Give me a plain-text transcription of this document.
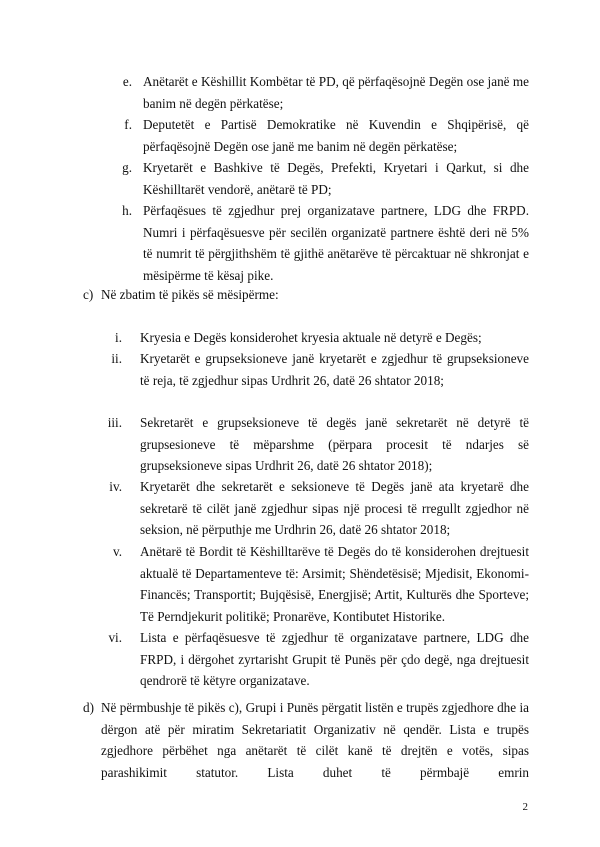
e. Anëtarët e Këshillit Kombëtar të PD, që përfaqësojnë Degën ose janë me banim në degën përkatëse;

f. Deputetët e Partisë Demokratike në Kuvendin e Shqipërisë, që përfaqësojnë Degën ose janë me banim në degën përkatëse;

g. Kryetarët e Bashkive të Degës, Prefekti, Kryetari i Qarkut, si dhe Këshilltarët vendorë, anëtarë të PD;

h. Përfaqësues të zgjedhur prej organizatave partnere, LDG dhe FRPD. Numri i përfaqësuesve për secilën organizatë partnere është deri në 5% të numrit të përgjithshëm të gjithë anëtarëve të përcaktuar në shkronjat e mësipërme të kësaj pike.

c) Në zbatim të pikës së mësipërme:
i. Kryesia e Degës konsiderohet kryesia aktuale në detyrë e Degës;

ii. Kryetarët e grupseksioneve janë kryetarët e zgjedhur të grupseksioneve të reja, të zgjedhur sipas Urdhrit 26, datë 26 shtator 2018;

iii. Sekretarët e grupseksioneve të degës janë sekretarët në detyrë të grupsesioneve të mëparshme (përpara procesit të ndarjes së grupseksioneve sipas Urdhrit 26, datë 26 shtator 2018);

iv. Kryetarët dhe sekretarët e seksioneve të Degës janë ata kryetarë dhe sekretarë të cilët janë zgjedhur sipas një procesi të rregullt zgjedhor në seksion, në përputhje me Urdhrin 26, datë 26 shtator 2018;

v. Anëtarë të Bordit të Këshilltarëve të Degës do të konsiderohen drejtuesit aktualë të Departamenteve të: Arsimit; Shëndetësisë; Mjedisit, Ekonomi-Financës; Transportit; Bujqësisë, Energjisë; Artit, Kulturës dhe Sporteve; Të Perndjekurit politikë; Pronarëve, Kontibutet Historike.

vi. Lista e përfaqësuesve të zgjedhur të organizatave partnere, LDG dhe FRPD, i dërgohet zyrtarisht Grupit të Punës për çdo degë, nga drejtuesit qendrorë të këtyre organizatave.

d) Në përmbushje të pikës c), Grupi i Punës përgatit listën e trupës zgjedhore dhe ia dërgon atë për miratim Sekretariatit Organizativ në qendër. Lista e trupës zgjedhore përbëhet nga anëtarët të cilët kanë të drejtën e votës, sipas parashikimit statutor. Lista duhet të përmbajë emrin
2
